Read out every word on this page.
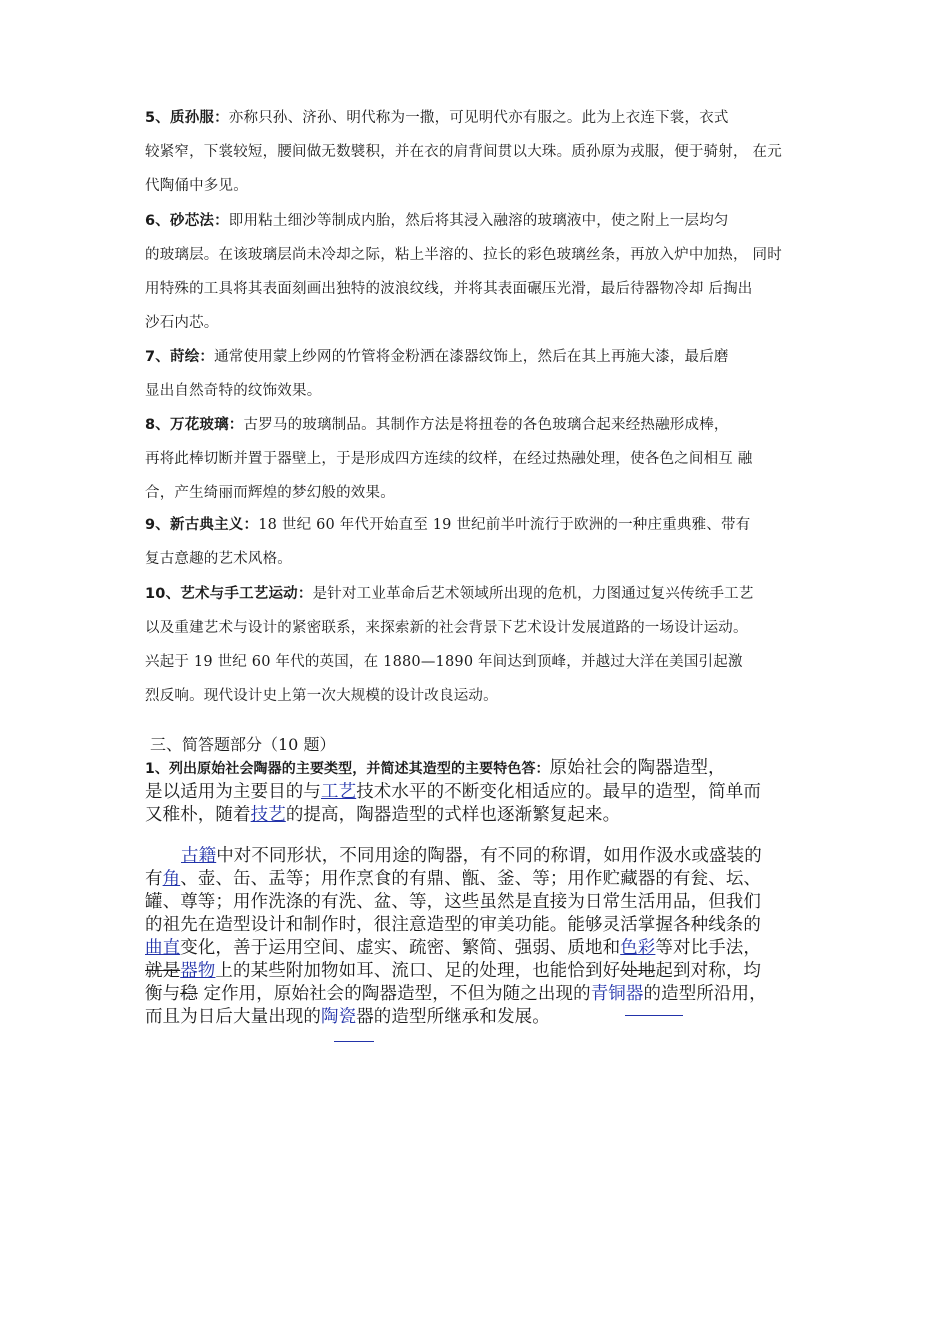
5、质孙服：亦称只孙、济孙、明代称为一撒，可见明代亦有服之。此为上衣连下裳，衣式
较紧窄，下裳较短，腰间做无数襞积，并在衣的肩背间贯以大珠。质孙原为戎服，便于骑射， 在元
代陶俑中多见。

6、砂芯法：即用粘土细沙等制成内胎，然后将其浸入融溶的玻璃液中，使之附上一层均匀
的玻璃层。在该玻璃层尚未冷却之际，粘上半溶的、拉长的彩色玻璃丝条，再放入炉中加热， 同时
用特殊的工具将其表面刻画出独特的波浪纹线，并将其表面碾压光滑，最后待器物冷却 后掏出
沙石内芯。

7、莳绘：通常使用蒙上纱网的竹管将金粉洒在漆器纹饰上，然后在其上再施大漆，最后磨
显出自然奇特的纹饰效果。

8、万花玻璃：古罗马的玻璃制品。其制作方法是将扭卷的各色玻璃合起来经热融形成棒，
再将此棒切断并置于器壁上，于是形成四方连续的纹样，在经过热融处理，使各色之间相互 融
合，产生绮丽而辉煌的梦幻般的效果。

9、新古典主义：18 世纪 60 年代开始直至 19 世纪前半叶流行于欧洲的一种庄重典雅、带有
复古意趣的艺术风格。

10、艺术与手工艺运动：是针对工业革命后艺术领域所出现的危机，力图通过复兴传统手工艺
以及重建艺术与设计的紧密联系，来探索新的社会背景下艺术设计发展道路的一场设计运动。
兴起于 19 世纪 60 年代的英国，在 1880—1890 年间达到顶峰，并越过大洋在美国引起激
烈反响。现代设计史上第一次大规模的设计改良运动。

三、简答题部分（10 题）

1、列出原始社会陶器的主要类型，并简述其造型的主要特色答：原始社会的陶器造型，
是以适用为主要目的与工艺技术水平的不断变化相适应的。最早的造型，简单而
又稚朴，随着技艺的提高，陶器造型的式样也逐渐繁复起来。

古籍中对不同形状，不同用途的陶器，有不同的称谓，如用作汲水或盛装的
有角、壶、缶、盂等；用作烹食的有鼎、甑、釜、等；用作贮藏器的有瓮、坛、
罐、尊等；用作洗涤的有洗、盆、等，这些虽然是直接为日常生活用品，但我们
的祖先在造型设计和制作时，很注意造型的审美功能。能够灵活掌握各种线条的
曲直变化，善于运用空间、虚实、疏密、繁简、强弱、质地和色彩等对比手法，
就是器物上的某些附加物如耳、流口、足的处理，也能恰到好处地起到对称，均
衡与稳 定作用，原始社会的陶器造型，不但为随之出现的青铜器的造型所沿用，
而且为日后大量出现的陶瓷器的造型所继承和发展。
